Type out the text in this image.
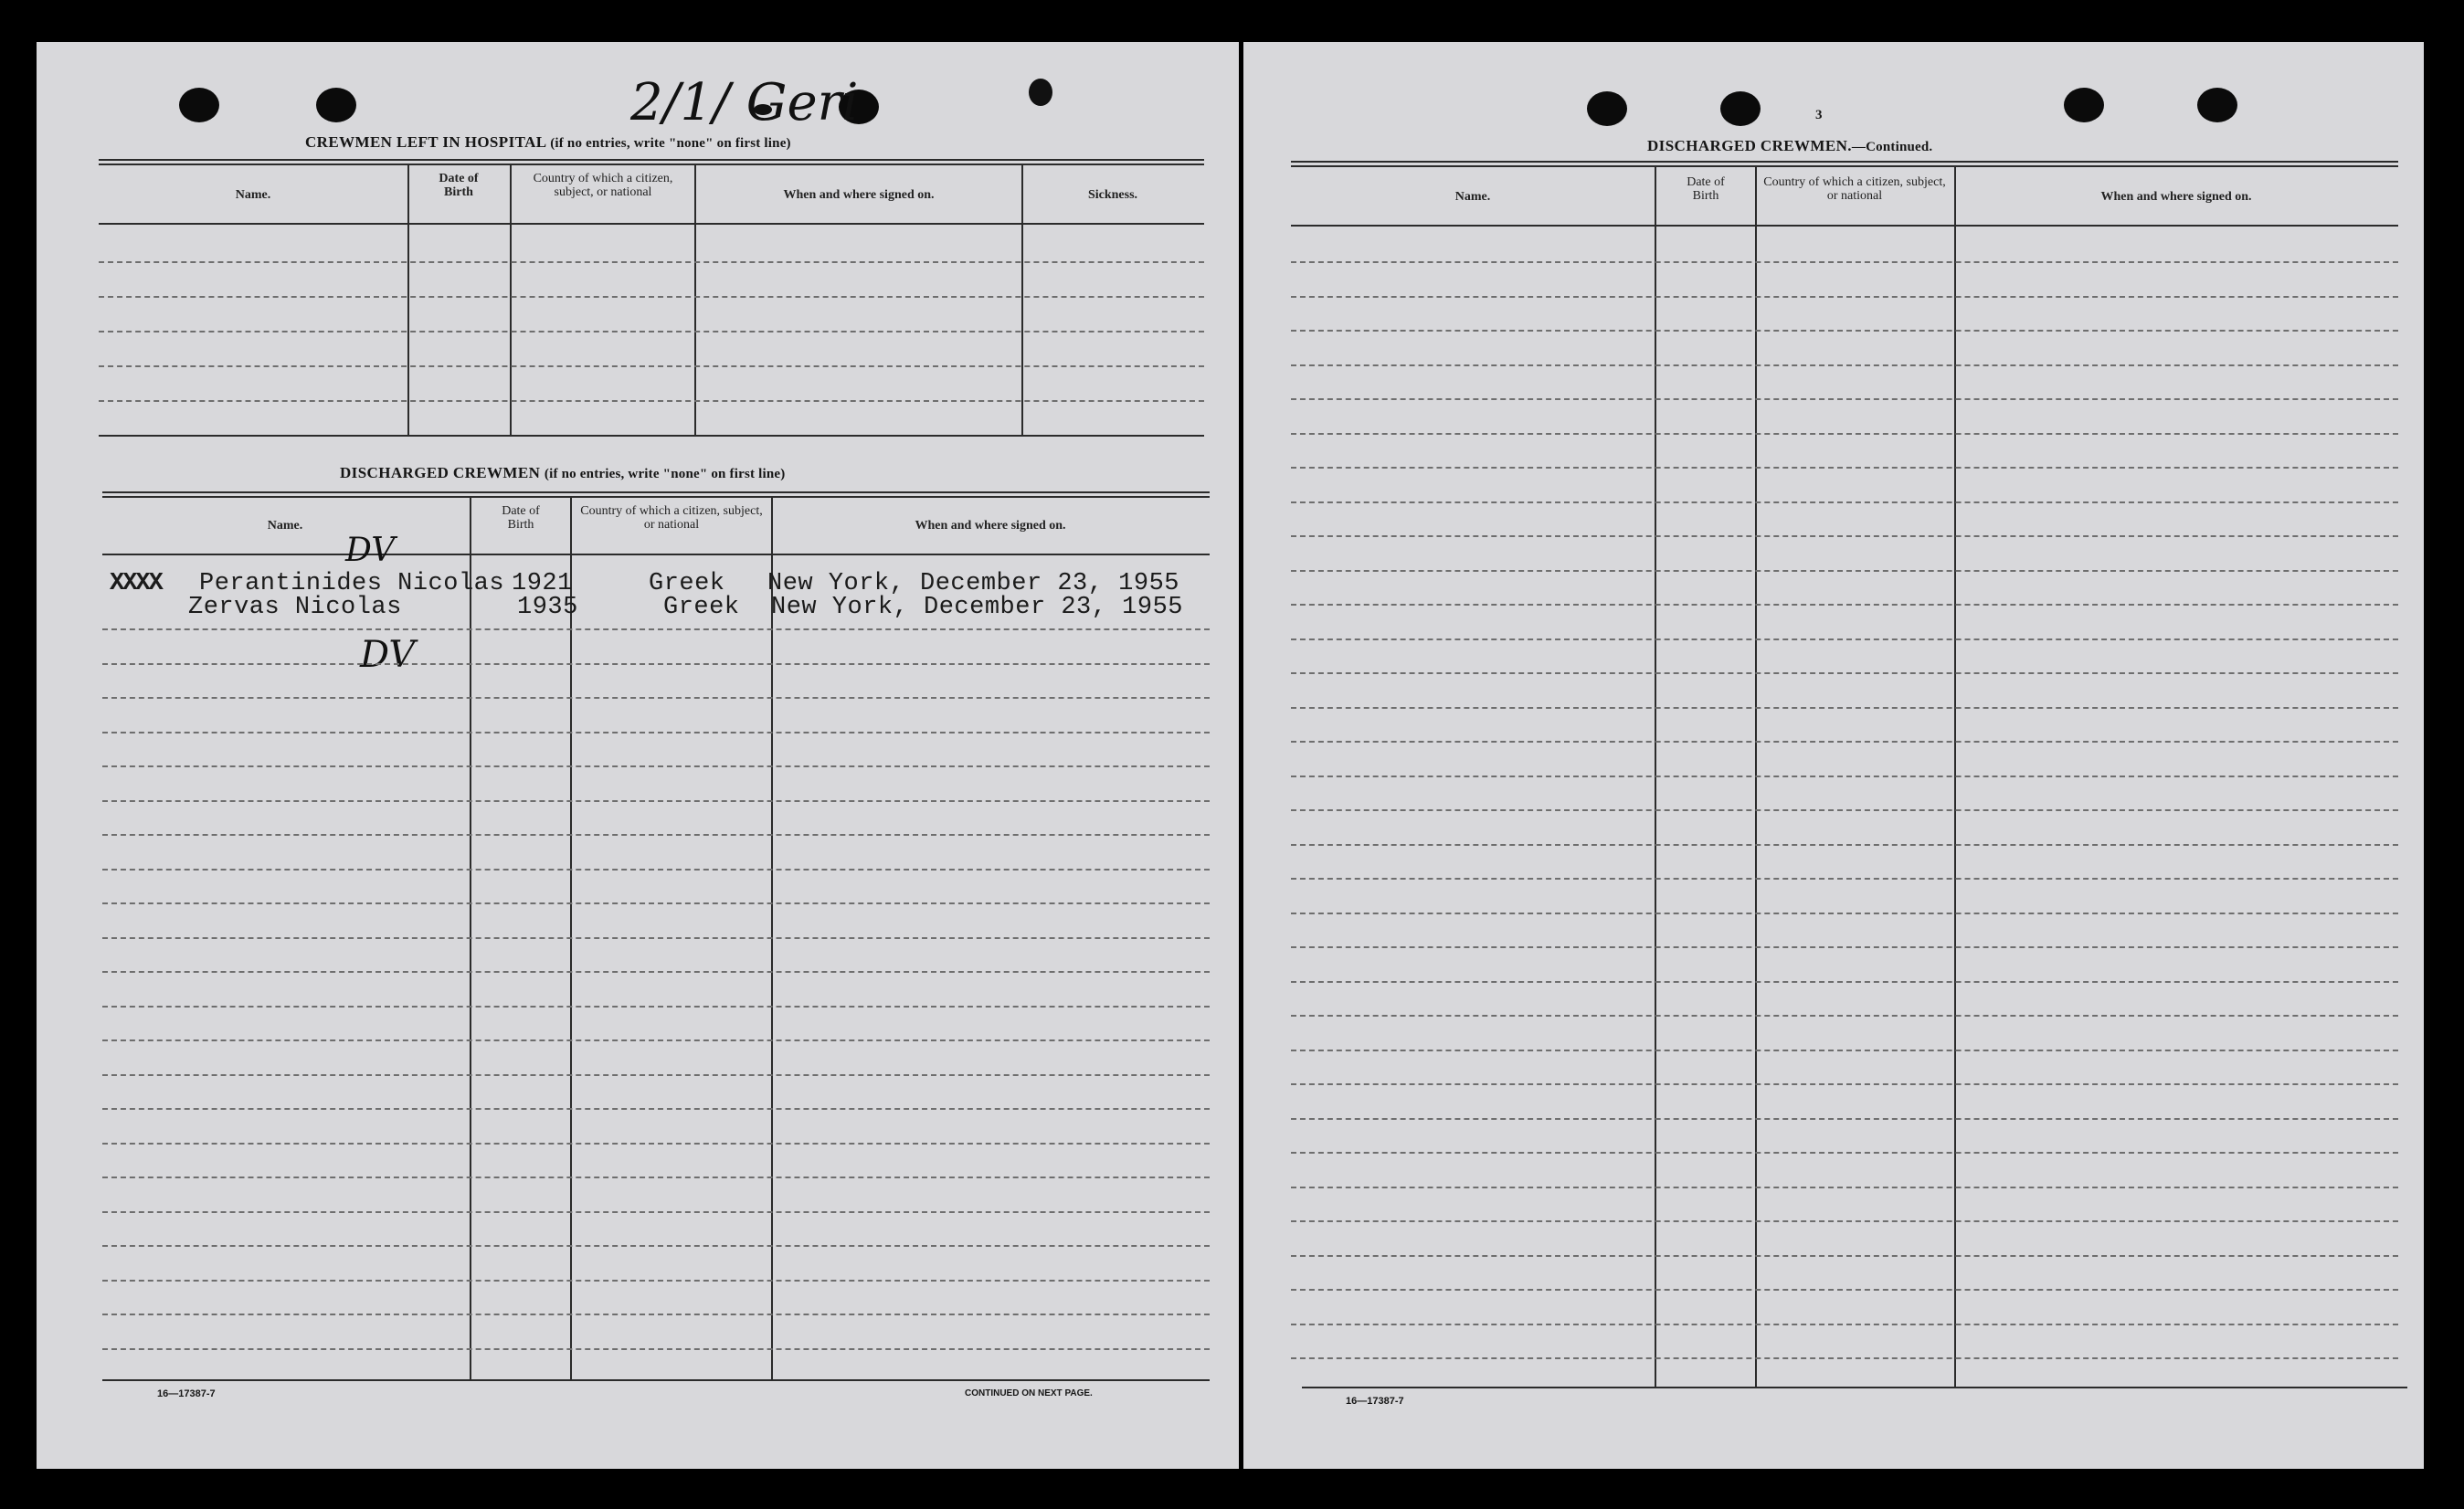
2/1/ Geri
CREWMEN LEFT IN HOSPITAL (if no entries, write "none" on first line)
Name.
Date of Birth
Country of which a citizen, subject, or national	When and where signed on.	Sickness.
DISCHARGED CREWMEN (if no entries, write "none" on first line)
Name.
Date of Birth
Country of which a citizen, subject, or national	When and where signed on.
XXXX Perantinides Nicolas 1921	Greek New York, December 23, 1955
DV
Zervas Nicolas	1935	Greek New York, December 23, 1955
DV
16—17387-7	CONTINUED ON NEXT PAGE.
3
DISCHARGED CREWMEN.—Continued.
Name.
Date of Birth
Country of which a citizen, subject, or national	When and where signed on.
16—17387-7
